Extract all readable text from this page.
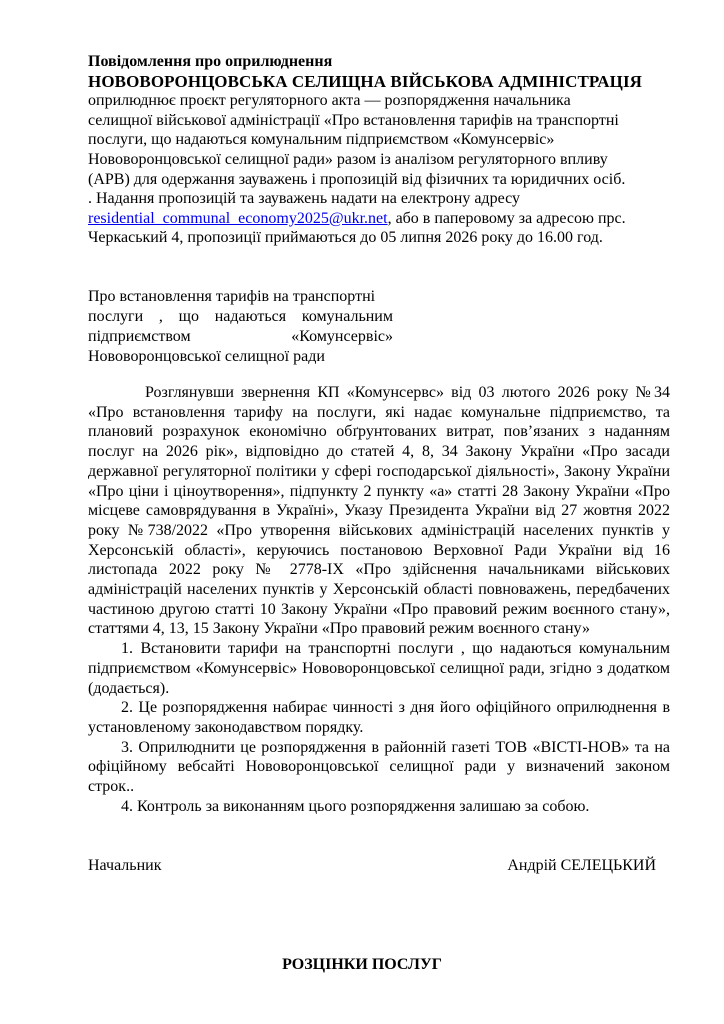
Повідомлення про оприлюднення
НОВОВОРОНЦОВСЬКА СЕЛИЩНА ВІЙСЬКОВА АДМІНІСТРАЦІЯ
оприлюднює проєкт регуляторного акта — розпорядження начальника
селищної військової адміністрації «Про встановлення тарифів на транспортні
послуги, що надаються комунальним підприємством «Комунсервіс»
Нововоронцовської селищної ради» разом із аналізом регуляторного впливу
(АРВ) для одержання зауважень і пропозицій від фізичних та юридичних осіб.
. Надання пропозицій та зауважень надати на електрону адресу
residential_communal_economy2025@ukr.net, або в паперовому за адресою прс.
Черкаський 4, пропозиції приймаються до 05 липня 2026 року до 16.00 год.
Про встановлення тарифів на транспортні
послуги , що надаються комунальним
підприємством «Комунсервіс»
Нововоронцовської селищної ради

Розглянувши звернення КП «Комунсервс» від 03 лютого 2026 року №34 «Про встановлення тарифу на послуги, які надає комунальне підприємство, та плановий розрахунок економічно обґрунтованих витрат, пов’язаних з наданням послуг на 2026 рік», відповідно до статей 4, 8, 34 Закону України «Про засади державної регуляторної політики у сфері господарської діяльності», Закону України «Про ціни і ціноутворення», підпункту 2 пункту «а» статті 28 Закону України «Про місцеве самоврядування в Україні», Указу Президента України від 27 жовтня 2022 року №738/2022 «Про утворення військових адміністрацій населених пунктів у Херсонській області», керуючись постановою Верховної Ради України від 16 листопада 2022 року № 2778-IX «Про здійснення начальниками військових адміністрацій населених пунктів у Херсонській області повноважень, передбачених частиною другою статті 10 Закону України «Про правовий режим воєнного стану», статтями 4, 13, 15 Закону України «Про правовий режим воєнного стану»

1. Встановити тарифи на транспортні послуги , що надаються комунальним підприємством «Комунсервіс» Нововоронцовської селищної ради, згідно з додатком (додається).

2. Це розпорядження набирає чинності з дня його офіційного оприлюднення в установленому законодавством порядку.

3. Оприлюднити це розпорядження в районній газеті ТОВ «ВІСТІ-НОВ» та на офіційному вебсайті Нововоронцовської селищної ради у визначений законом строк..

4. Контроль за виконанням цього розпорядження залишаю за собою.

Начальник	Андрій СЕЛЕЦЬКИЙ
РОЗЦІНКИ ПОСЛУГ
